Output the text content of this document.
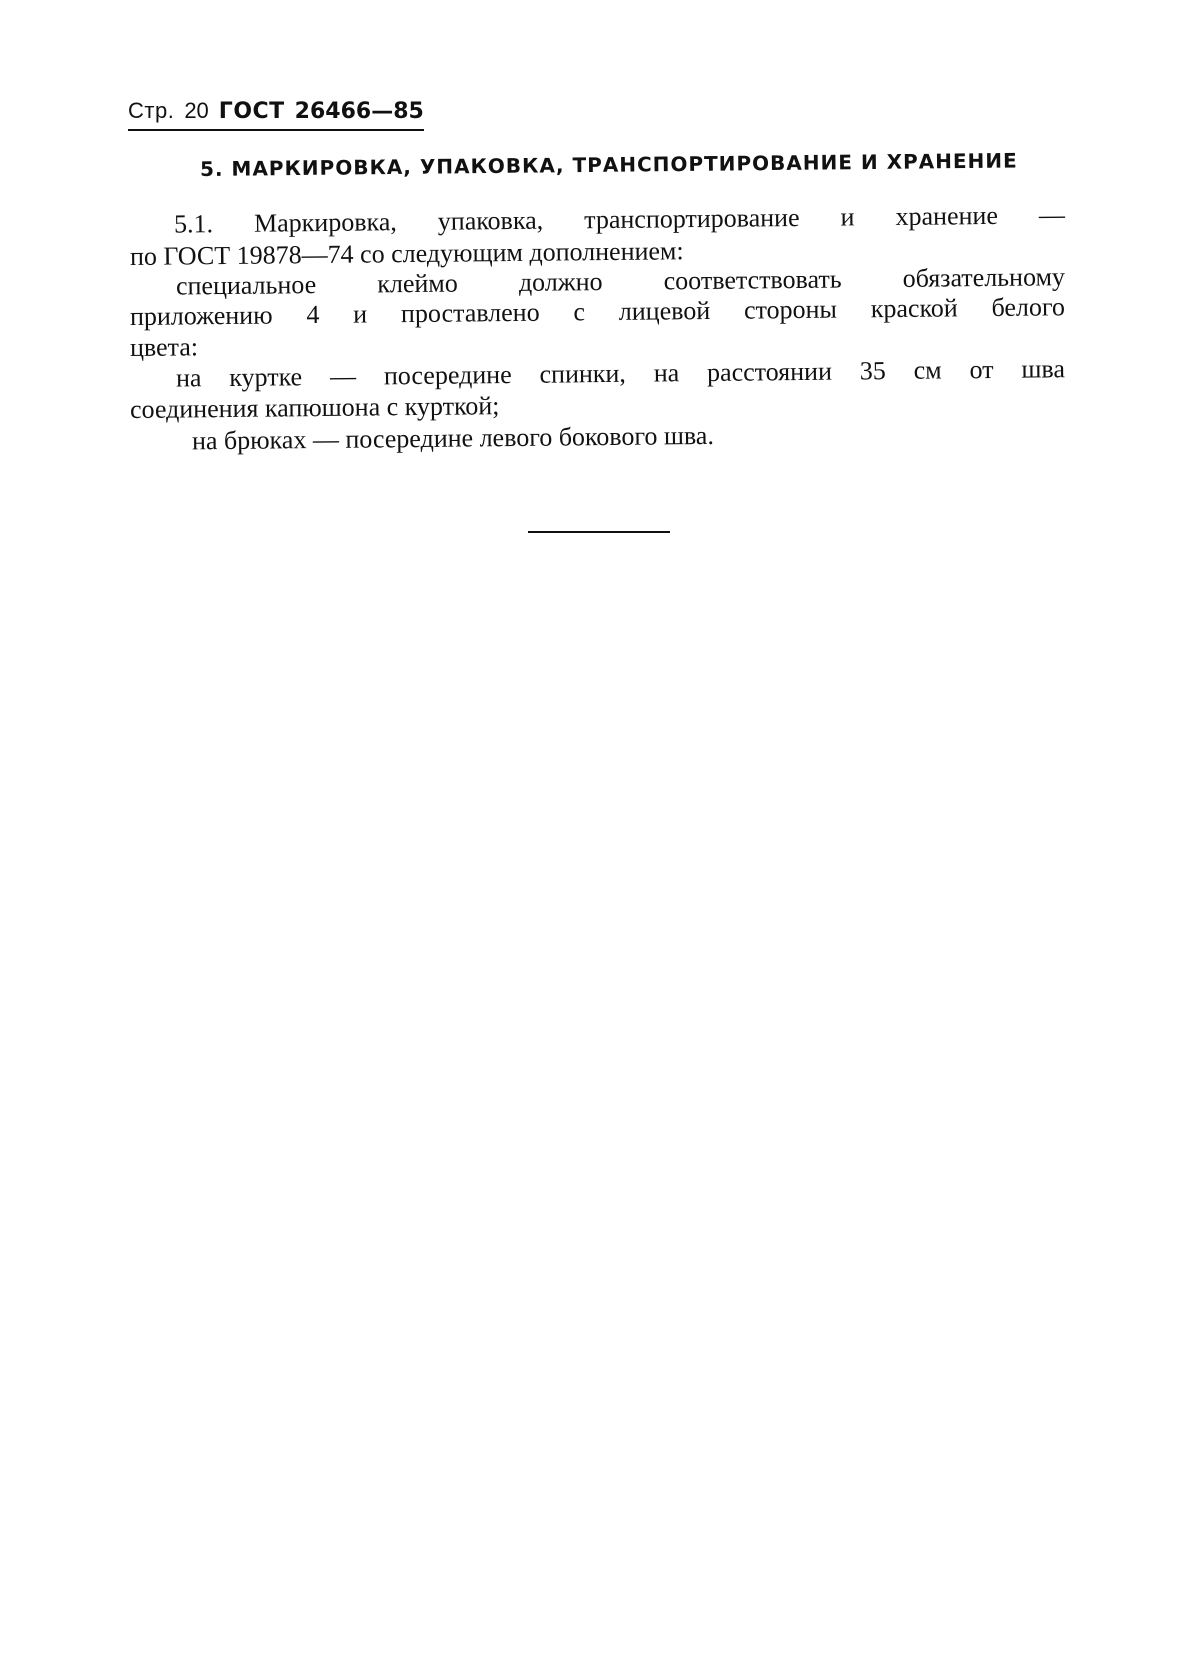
Стр. 20 ГОСТ 26466—85
5. МАРКИРОВКА, УПАКОВКА, ТРАНСПОРТИРОВАНИЕ И ХРАНЕНИЕ

5.1. Маркировка, упаковка, транспортирование и хранение —

по ГОСТ 19878—74 со следующим дополнением:

специальное клеймо должно соответствовать обязательному

приложению 4 и проставлено с лицевой стороны краской белого

цвета:

на куртке — посередине спинки, на расстоянии 35 см от шва

соединения капюшона с курткой;

на брюках — посередине левого бокового шва.
